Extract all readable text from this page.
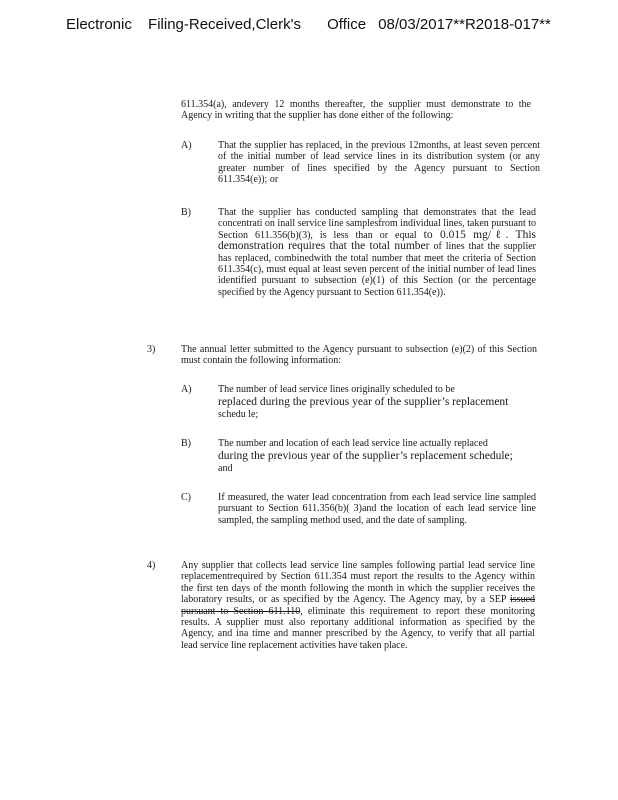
Electronic Filing-Received,Clerk's Office 08/03/2017**R2018-017**
611.354(a), andevery 12 months thereafter, the supplier must demonstrate to the Agency in writing that the supplier has done either of the following:
A)	That the supplier has replaced, in the previous 12months, at least seven percent of the initial number of lead service lines in its distribution system (or any greater number of lines specified by the Agency pursuant to Section 611.354(e)); or
B)	That the supplier has conducted sampling that demonstrates that the lead concentrati on inall service line samplesfrom individual lines, taken pursuant to Section 611.356(b)(3), is less than or equal to 0.015 mg/ℓ. This demonstration requires that the total number of lines that the supplier has replaced, combinedwith the total number that meet the criteria of Section 611.354(c), must equal at least seven percent of the initial number of lead lines identified pursuant to subsection (e)(1) of this Section (or the percentage specified by the Agency pursuant to Section 611.354(e)).
3)	The annual letter submitted to the Agency pursuant to subsection (e)(2) of this Section must contain the following information:
A)	The number of lead service lines originally scheduled to be
replaced during the previous year of the supplier’s replacement
schedu le;
B)	The number and location of each lead service line actually replaced
during the previous year of the supplier’s replacement schedule;
and
C)	If measured, the water lead concentration from each lead service line sampled pursuant to Section 611.356(b)( 3)and the location of each lead service line sampled, the sampling method used, and the date of sampling.
4)	Any supplier that collects lead service line samples following partial lead service line replacementrequired by Section 611.354 must report the results to the Agency within the first ten days of the month following the month in which the supplier receives the laboratory results, or as specified by the Agency. The Agency may, by a SEP issued pursuant to Section 611.110, eliminate this requirement to report these monitoring results. A supplier must also reportany additional information as specified by the Agency, and ina time and manner prescribed by the Agency, to verify that all partial lead service line replacement activities have taken place.
